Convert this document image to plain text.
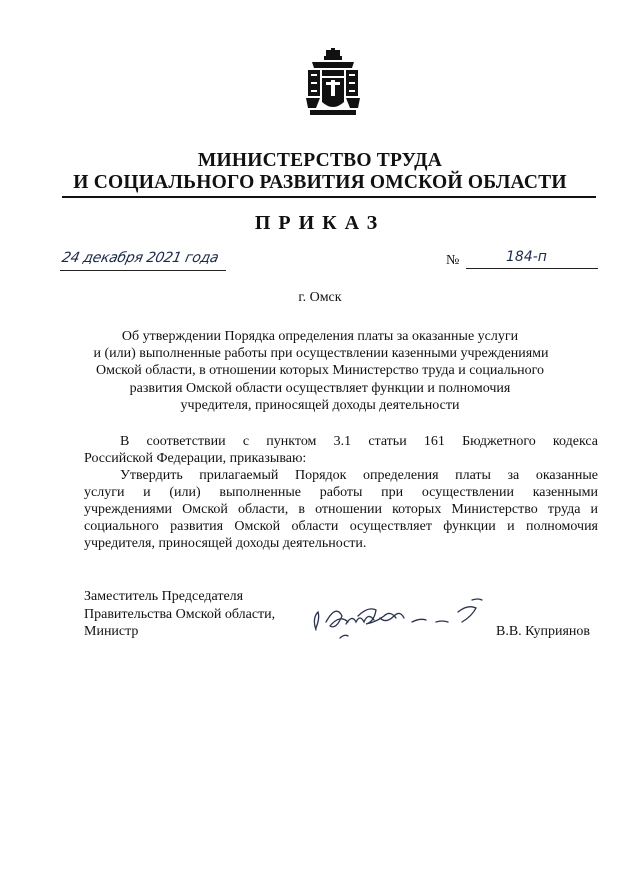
МИНИСТЕРСТВО ТРУДА
И СОЦИАЛЬНОГО РАЗВИТИЯ ОМСКОЙ ОБЛАСТИ
ПРИКАЗ
24 декабря 2021 года	№	184-п
г. Омск
Об утверждении Порядка определения платы за оказанные услуги
и (или) выполненные работы при осуществлении казенными учреждениями
Омской области, в отношении которых Министерство труда и социального
развития Омской области осуществляет функции и полномочия
учредителя, приносящей доходы деятельности
В соответствии с пунктом 3.1 статьи 161 Бюджетного кодекса
Российской Федерации, приказываю:
Утвердить прилагаемый Порядок определения платы за оказанные
услуги и (или) выполненные работы при осуществлении казенными
учреждениями Омской области, в отношении которых Министерство труда и
социального развития Омской области осуществляет функции и полномочия
учредителя, приносящей доходы деятельности.
Заместитель Председателя
Правительства Омской области,
Министр	В.В. Куприянов
